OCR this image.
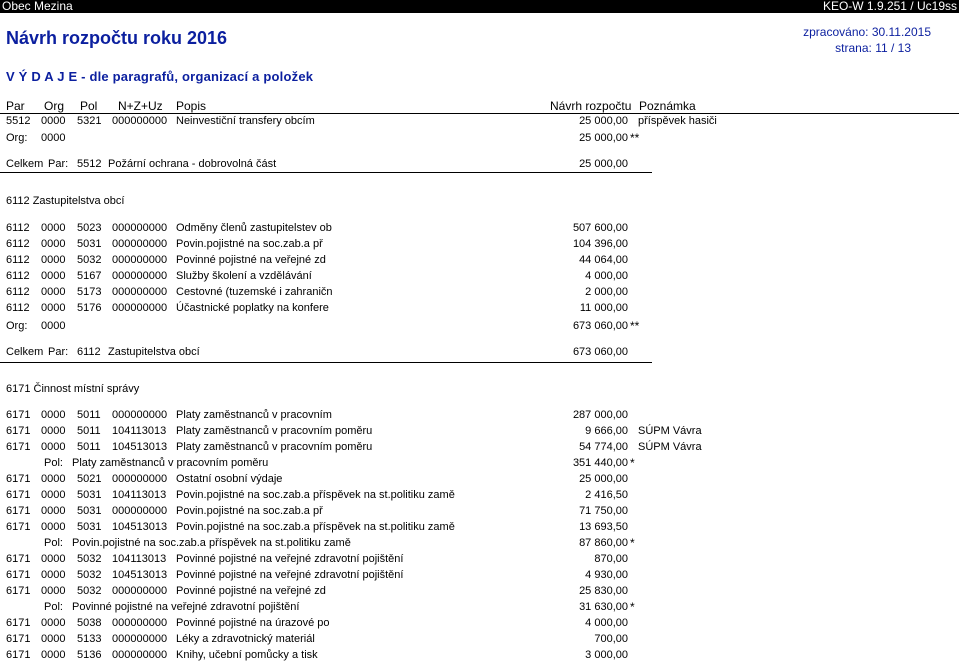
Obec Mezina	KEO-W 1.9.251 / Uc19ss
Návrh rozpočtu roku 2016	zpracováno: 30.11.2015
strana: 11 / 13
V Ý D A J E - dle paragrafů, organizací a položek
Par Org Pol N+Z+Uz Popis	Návrh rozpočtu Poznámka
5512 0000 5321 000000000 Neinvestiční transfery obcím	25 000,00 příspěvek hasiči
Org: 0000	25 000,00 **
Celkem Par: 5512 Požární ochrana - dobrovolná část	25 000,00
6112 Zastupitelstva obcí
6112 0000 5023 000000000 Odměny členů zastupitelstev ob	507 600,00
6112 0000 5031 000000000 Povin.pojistné na soc.zab.a př	104 396,00
6112 0000 5032 000000000 Povinné pojistné na veřejné zd	44 064,00
6112 0000 5167 000000000 Služby školení a vzdělávání	4 000,00
6112 0000 5173 000000000 Cestovné (tuzemské i zahraničn	2 000,00
6112 0000 5176 000000000 Účastnické poplatky na konfere	11 000,00
Org: 0000	673 060,00 **
Celkem Par: 6112 Zastupitelstva obcí	673 060,00
6171 Činnost místní správy
6171 0000 5011 000000000 Platy zaměstnanců v pracovním	287 000,00
6171 0000 5011 104113013 Platy zaměstnanců v pracovním poměru	9 666,00 SÚPM Vávra
6171 0000 5011 104513013 Platy zaměstnanců v pracovním poměru	54 774,00 SÚPM Vávra
Pol: Platy zaměstnanců v pracovním poměru	351 440,00 *
6171 0000 5021 000000000 Ostatní osobní výdaje	25 000,00
6171 0000 5031 104113013 Povin.pojistné na soc.zab.a příspěvek na st.politiku zamě	2 416,50
6171 0000 5031 000000000 Povin.pojistné na soc.zab.a př	71 750,00
6171 0000 5031 104513013 Povin.pojistné na soc.zab.a příspěvek na st.politiku zamě	13 693,50
Pol: Povin.pojistné na soc.zab.a příspěvek na st.politiku zamě	87 860,00 *
6171 0000 5032 104113013 Povinné pojistné na veřejné zdravotní pojištění	870,00
6171 0000 5032 104513013 Povinné pojistné na veřejné zdravotní pojištění	4 930,00
6171 0000 5032 000000000 Povinné pojistné na veřejné zd	25 830,00
Pol: Povinné pojistné na veřejné zdravotní pojištění	31 630,00 *
6171 0000 5038 000000000 Povinné pojistné na úrazové po	4 000,00
6171 0000 5133 000000000 Léky a zdravotnický materiál	700,00
6171 0000 5136 000000000 Knihy, učební pomůcky a tisk	3 000,00
